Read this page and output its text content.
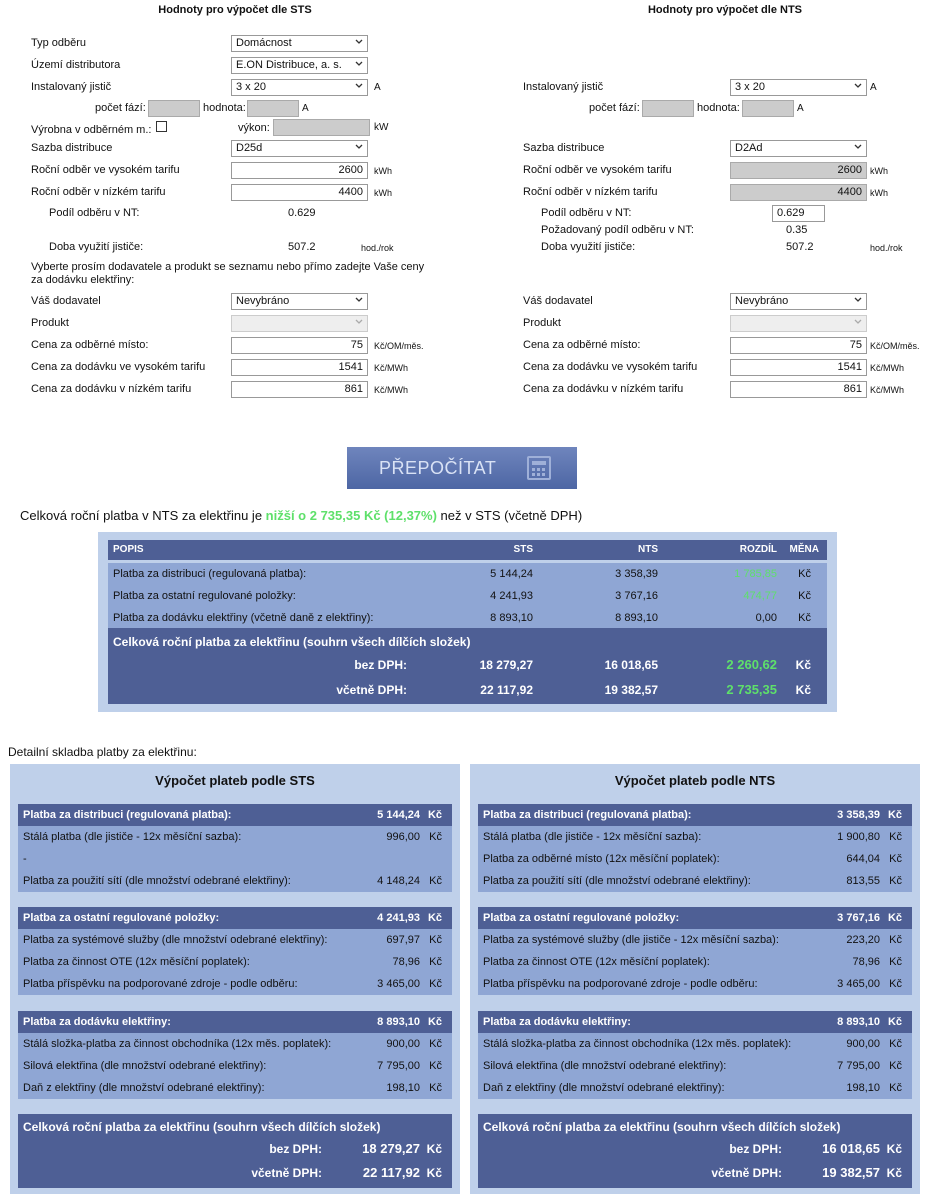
Hodnoty pro výpočet dle STS	Hodnoty pro výpočet dle NTS
Typ odběru	Domácnost
Území distributora	E.ON Distribuce, a. s.
Instalovaný jistič	3 x 20	A
počet fází:	hodnota:	A
Výrobna v odběrném m.:	výkon:	kW
Sazba distribuce	D25d
Roční odběr ve vysokém tarifu	2600	kWh
Roční odběr v nízkém tarifu	4400	kWh
Podíl odběru v NT:	0.629
Doba využití jističe:	507.2	hod./rok
Vyberte prosím dodavatele a produkt se seznamu nebo přímo zadejte Vaše ceny za dodávku elektřiny:
Váš dodavatel	Nevybráno
Produkt
Cena za odběrné místo:	75	Kč/OM/měs.
Cena za dodávku ve vysokém tarifu	1541	Kč/MWh
Cena za dodávku v nízkém tarifu	861	Kč/MWh
Instalovaný jistič	3 x 20	A
počet fází:	hodnota:	A
Sazba distribuce	D2Ad
Roční odběr ve vysokém tarifu	2600 kWh
Roční odběr v nízkém tarifu	4400 kWh
Podíl odběru v NT:	0.629
Požadovaný podíl odběru v NT:	0.35
Doba využití jističe:	507.2	hod./rok
Váš dodavatel	Nevybráno
Produkt
Cena za odběrné místo:	75 Kč/OM/měs.
Cena za dodávku ve vysokém tarifu	1541 Kč/MWh
Cena za dodávku v nízkém tarifu	861 Kč/MWh
PŘEPOČÍTAT
Celková roční platba v NTS za elektřinu je nižší o 2 735,35 Kč (12,37%) než v STS (včetně DPH)
POPIS	STS	NTS	ROZDÍL MĚNA
Platba za distribuci (regulovaná platba):	5 144,24	3 358,39	1 785,85 Kč
Platba za ostatní regulované položky:	4 241,93	3 767,16	474,77 Kč
Platba za dodávku elektřiny (včetně daně z elektřiny):	8 893,10	8 893,10	0,00 Kč
Celková roční platba za elektřinu (souhrn všech dílčích složek)
bez DPH:	18 279,27	16 018,65	2 260,62 Kč
včetně DPH:	22 117,92	19 382,57	2 735,35 Kč
Detailní skladba platby za elektřinu:
Výpočet plateb podle STS
Platba za distribuci (regulovaná platba):	5 144,24 Kč
Stálá platba (dle jističe - 12x měsíční sazba):	996,00 Kč
-
Platba za použití sítí (dle množství odebrané elektřiny):	4 148,24 Kč
Platba za ostatní regulované položky:	4 241,93 Kč
Platba za systémové služby (dle množství odebrané elektřiny):	697,97 Kč
Platba za činnost OTE (12x měsíční poplatek):	78,96 Kč
Platba příspěvku na podporované zdroje - podle odběru:	3 465,00 Kč
Platba za dodávku elektřiny:	8 893,10 Kč
Stálá složka-platba za činnost obchodníka (12x měs. poplatek):	900,00 Kč
Silová elektřina (dle množství odebrané elektřiny):	7 795,00 Kč
Daň z elektřiny (dle množství odebrané elektřiny):	198,10 Kč
Celková roční platba za elektřinu (souhrn všech dílčích složek)
bez DPH:	18 279,27 Kč
včetně DPH:	22 117,92 Kč
Výpočet plateb podle NTS
Platba za distribuci (regulovaná platba):	3 358,39 Kč
Stálá platba (dle jističe - 12x měsíční sazba):	1 900,80 Kč
Platba za odběrné místo (12x měsíční poplatek):	644,04 Kč
Platba za použití sítí (dle množství odebrané elektřiny):	813,55 Kč
Platba za ostatní regulované položky:	3 767,16 Kč
Platba za systémové služby (dle jističe - 12x měsíční sazba):	223,20 Kč
Platba za činnost OTE (12x měsíční poplatek):	78,96 Kč
Platba příspěvku na podporované zdroje - podle odběru:	3 465,00 Kč
Platba za dodávku elektřiny:	8 893,10 Kč
Stálá složka-platba za činnost obchodníka (12x měs. poplatek):	900,00 Kč
Silová elektřina (dle množství odebrané elektřiny):	7 795,00 Kč
Daň z elektřiny (dle množství odebrané elektřiny):	198,10 Kč
Celková roční platba za elektřinu (souhrn všech dílčích složek)
bez DPH:	16 018,65 Kč
včetně DPH:	19 382,57 Kč
